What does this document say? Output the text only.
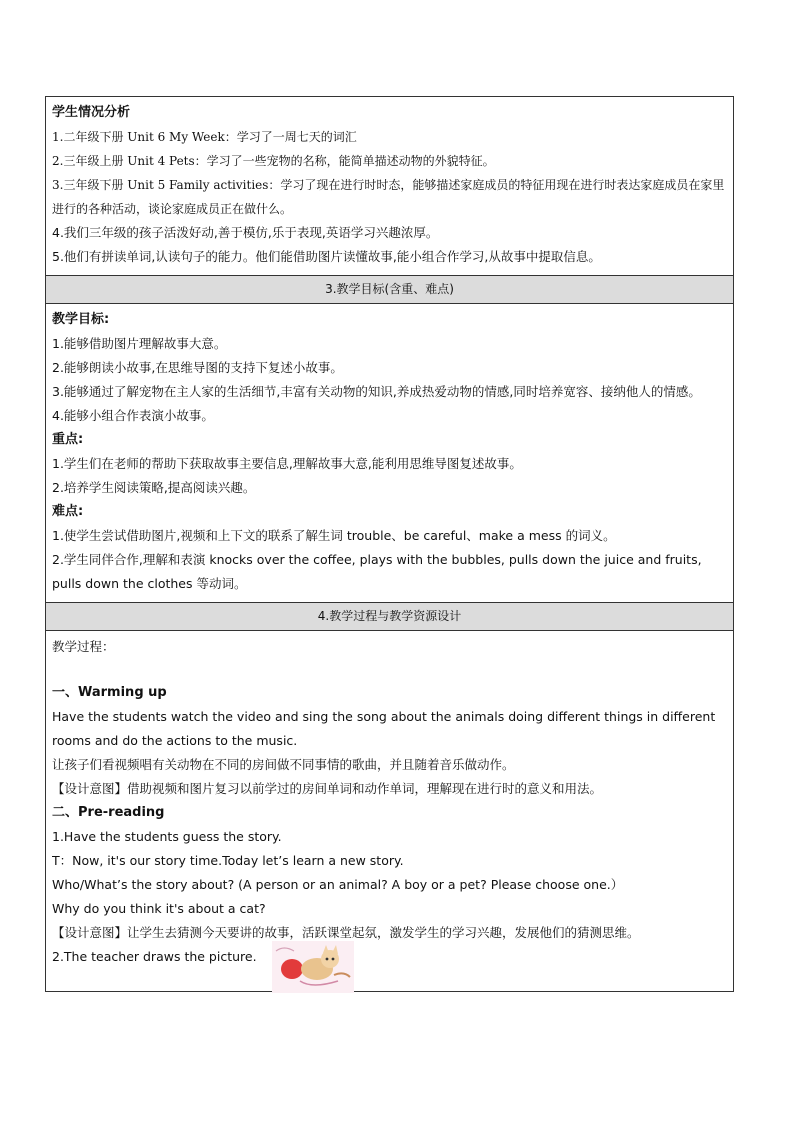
学生情况分析
1.二年级下册 Unit 6 My Week：学习了一周七天的词汇
2.三年级上册 Unit 4 Pets：学习了一些宠物的名称，能简单描述动物的外貌特征。
3.三年级下册 Unit 5 Family activities：学习了现在进行时时态，能够描述家庭成员的特征用现在进行时表达家庭成员在家里进行的各种活动，谈论家庭成员正在做什么。
4.我们三年级的孩子活泼好动,善于模仿,乐于表现,英语学习兴趣浓厚。
5.他们有拼读单词,认读句子的能力。他们能借助图片读懂故事,能小组合作学习,从故事中提取信息。
3.教学目标(含重、难点)
教学目标:
1.能够借助图片理解故事大意。
2.能够朗读小故事,在思维导图的支持下复述小故事。
3.能够通过了解宠物在主人家的生活细节,丰富有关动物的知识,养成热爱动物的情感,同时培养宽容、接纳他人的情感。
4.能够小组合作表演小故事。
重点:
1.学生们在老师的帮助下获取故事主要信息,理解故事大意,能利用思维导图复述故事。
2.培养学生阅读策略,提高阅读兴趣。
难点:
1.使学生尝试借助图片,视频和上下文的联系了解生词 trouble、be careful、make a mess 的词义。
2.学生同伴合作,理解和表演 knocks over the coffee, plays with the bubbles, pulls down the juice and fruits, pulls down the clothes 等动词。
4.教学过程与教学资源设计
教学过程：
一、Warming up
Have the students watch the video and sing the song about the animals doing different things in different rooms and do the actions to the music.
让孩子们看视频唱有关动物在不同的房间做不同事情的歌曲，并且随着音乐做动作。
【设计意图】借助视频和图片复习以前学过的房间单词和动作单词，理解现在进行时的意义和用法。
二、Pre-reading
1.Have the students guess the story.
T：Now, it's our story time.Today let’s learn a new story.
Who/What’s the story about? (A person or an animal? A boy or a pet? Please choose one.）
Why do you think it's about a cat?
【设计意图】让学生去猜测今天要讲的故事，活跃课堂起氛，激发学生的学习兴趣，发展他们的猜测思维。
2.The teacher draws the picture.
